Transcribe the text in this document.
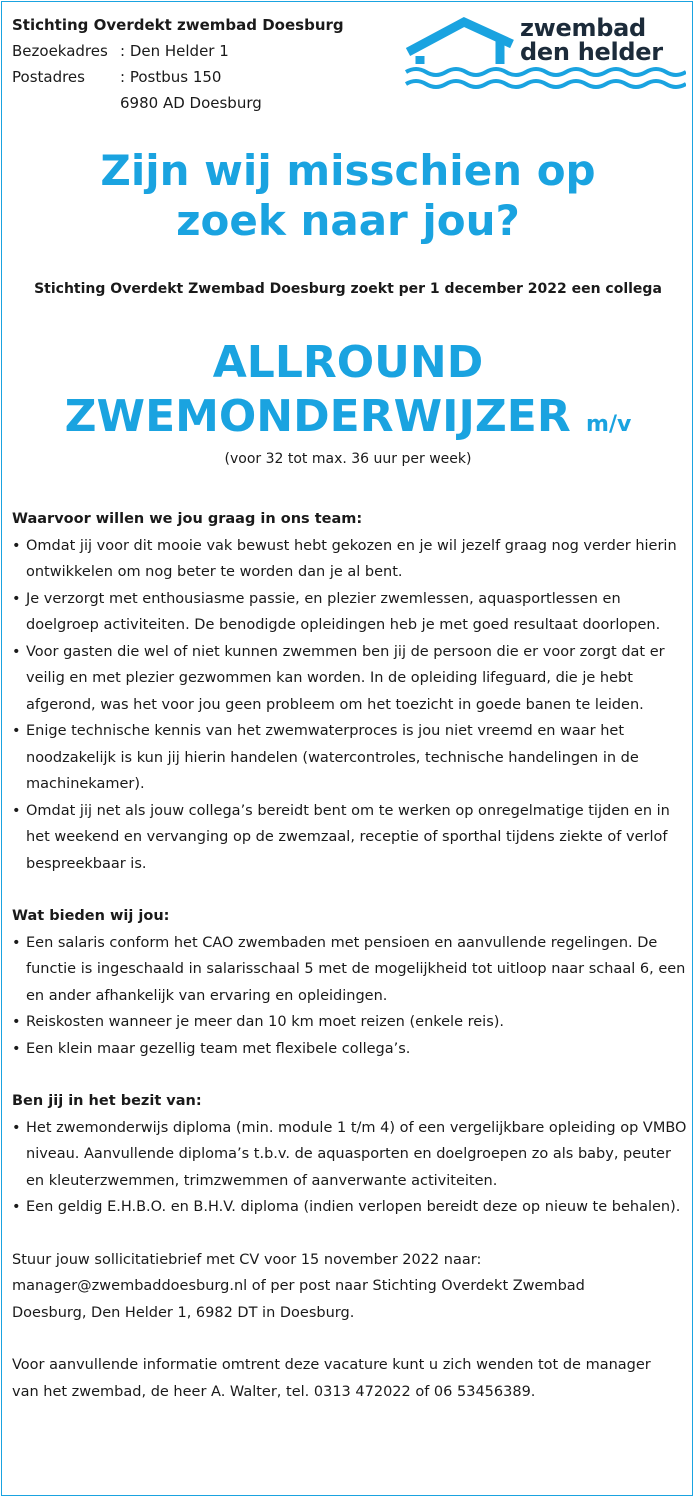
Stichting Overdekt zwembad Doesburg
Bezoekadres : Den Helder 1
Postadres	: Postbus 150
6980 AD Doesburg
zwembad
den helder
Zijn wij misschien op
zoek naar jou?
Stichting Overdekt Zwembad Doesburg zoekt per 1 december 2022 een collega
ALLROUND
ZWEMONDERWIJZER m/v
(voor 32 tot max. 36 uur per week)
Waarvoor willen we jou graag in ons team:
• Omdat jij voor dit mooie vak bewust hebt gekozen en je wil jezelf graag nog verder hierin ontwikkelen om nog beter te worden dan je al bent.
• Je verzorgt met enthousiasme passie, en plezier zwemlessen, aquasportlessen en doelgroep activiteiten. De benodigde opleidingen heb je met goed resultaat doorlopen.
• Voor gasten die wel of niet kunnen zwemmen ben jij de persoon die er voor zorgt dat er veilig en met plezier gezwommen kan worden. In de opleiding lifeguard, die je hebt afgerond, was het voor jou geen probleem om het toezicht in goede banen te leiden.
• Enige technische kennis van het zwemwaterproces is jou niet vreemd en waar het noodzakelijk is kun jij hierin handelen (watercontroles, technische handelingen in de machinekamer).
• Omdat jij net als jouw collega’s bereidt bent om te werken op onregelmatige tijden en in het weekend en vervanging op de zwemzaal, receptie of sporthal tijdens ziekte of verlof bespreekbaar is.
Wat bieden wij jou:
• Een salaris conform het CAO zwembaden met pensioen en aanvullende regelingen. De functie is ingeschaald in salarisschaal 5 met de mogelijkheid tot uitloop naar schaal 6, een en ander afhankelijk van ervaring en opleidingen.
• Reiskosten wanneer je meer dan 10 km moet reizen (enkele reis).
• Een klein maar gezellig team met flexibele collega’s.
Ben jij in het bezit van:
• Het zwemonderwijs diploma (min. module 1 t/m 4) of een vergelijkbare opleiding op VMBO niveau. Aanvullende diploma’s t.b.v. de aquasporten en doelgroepen zo als baby, peuter en kleuterzwemmen, trimzwemmen of aanverwante activiteiten.
• Een geldig E.H.B.O. en B.H.V. diploma (indien verlopen bereidt deze op nieuw te behalen).
Stuur jouw sollicitatiebrief met CV voor 15 november 2022 naar:
manager@zwembaddoesburg.nl of per post naar Stichting Overdekt Zwembad
Doesburg, Den Helder 1, 6982 DT in Doesburg.
Voor aanvullende informatie omtrent deze vacature kunt u zich wenden tot de manager
van het zwembad, de heer A. Walter, tel. 0313 472022 of 06 53456389.
